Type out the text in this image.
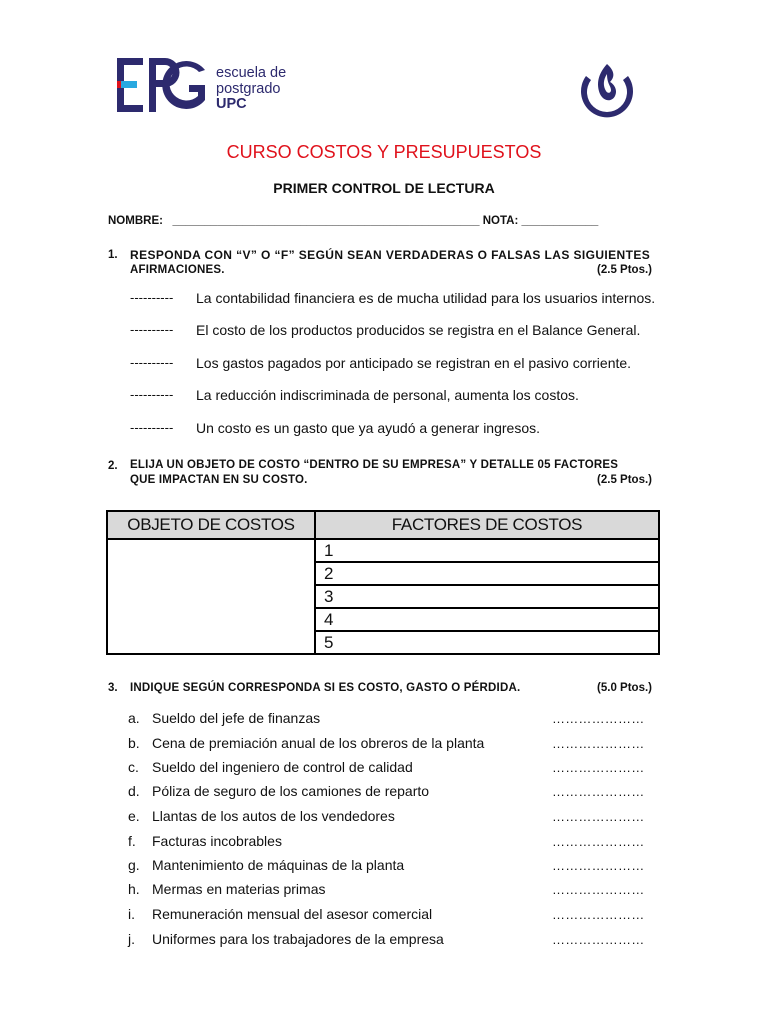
escuela de
postgrado
UPC
CURSO COSTOS Y PRESUPUESTOS
PRIMER CONTROL DE LECTURA
NOMBRE: ________________________________________________ NOTA: ____________
1. RESPONDA CON “V” O “F” SEGÚN SEAN VERDADERAS O FALSAS LAS SIGUIENTES
AFIRMACIONES.	(2.5 Ptos.)
---------- La contabilidad financiera es de mucha utilidad para los usuarios internos.
---------- El costo de los productos producidos se registra en el Balance General.
---------- Los gastos pagados por anticipado se registran en el pasivo corriente.
---------- La reducción indiscriminada de personal, aumenta los costos.
---------- Un costo es un gasto que ya ayudó a generar ingresos.
2. ELIJA UN OBJETO DE COSTO “DENTRO DE SU EMPRESA” Y DETALLE 05 FACTORES
QUE IMPACTAN EN SU COSTO.	(2.5 Ptos.)
OBJETO DE COSTOS	FACTORES DE COSTOS
	1
	2
	3
	4
	5
3. INDIQUE SEGÚN CORRESPONDA SI ES COSTO, GASTO O PÉRDIDA.	(5.0 Ptos.)
a. Sueldo del jefe de finanzas	…………………
b. Cena de premiación anual de los obreros de la planta	…………………
c. Sueldo del ingeniero de control de calidad	…………………
d. Póliza de seguro de los camiones de reparto	…………………
e. Llantas de los autos de los vendedores	…………………
f. Facturas incobrables	…………………
g. Mantenimiento de máquinas de la planta	…………………
h. Mermas en materias primas	…………………
i. Remuneración mensual del asesor comercial	…………………
j. Uniformes para los trabajadores de la empresa	…………………
